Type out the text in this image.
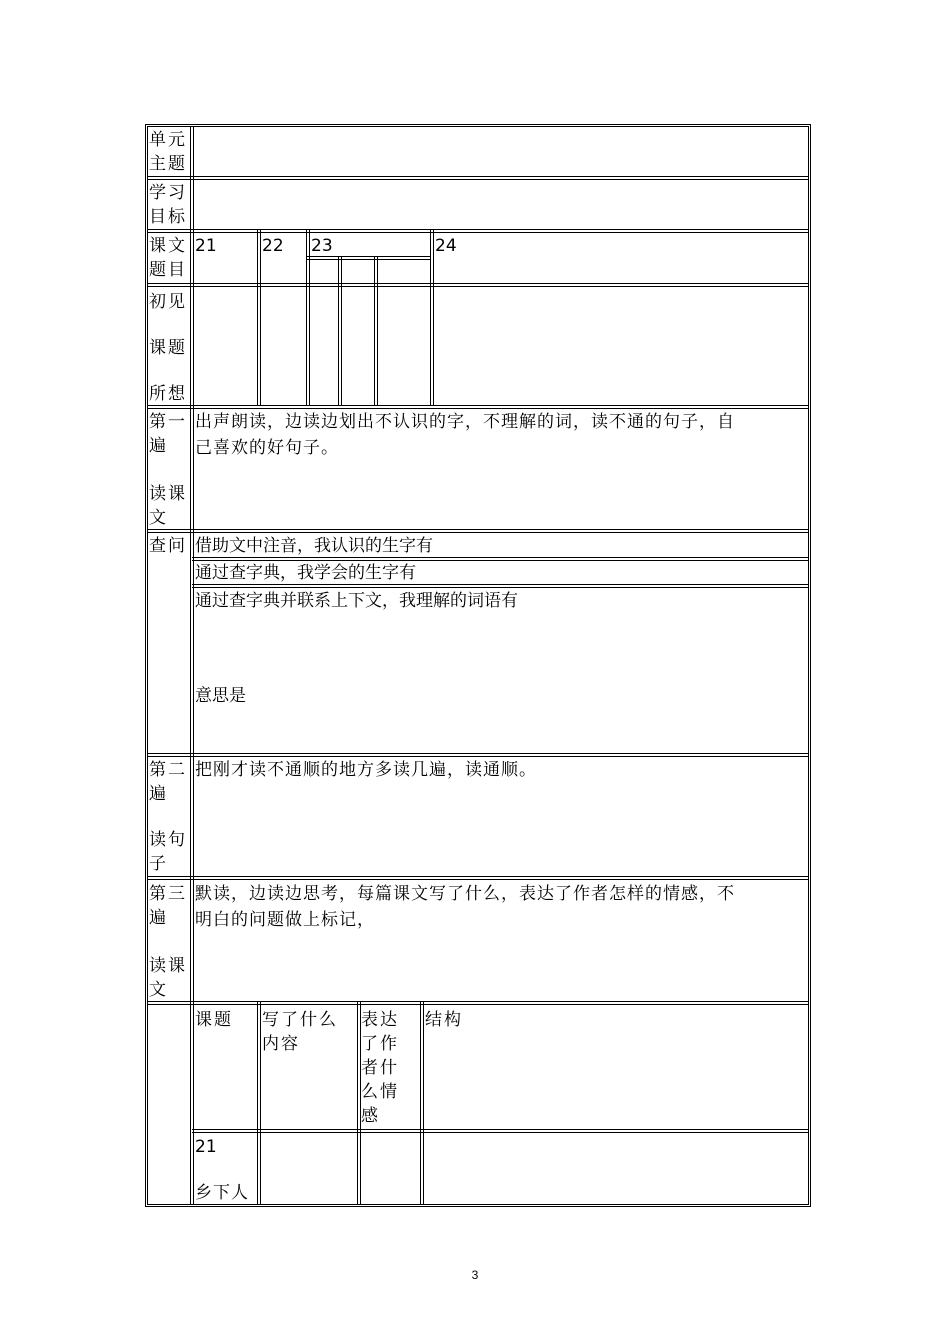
单元
主题
学习
目标
课文
题目
21	22 23	24
初见
课题
所想
第一
遍
读课
文
出声朗读，边读边划出不认识的字，不理解的词，读不通的句子，自
己喜欢的好句子。
查问 借助文中注音，我认识的生字有
通过查字典，我学会的生字有
通过查字典并联系上下文，我理解的词语有
意思是
第二
遍
读句
子
把刚才读不通顺的地方多读几遍，读通顺。
第三
遍
读课
文
默读，边读边思考，每篇课文写了什么，表达了作者怎样的情感，不
明白的问题做上标记，
课题 写了什么
内容
表达
了作
者什
么情
感
结构
21
乡下人
3
